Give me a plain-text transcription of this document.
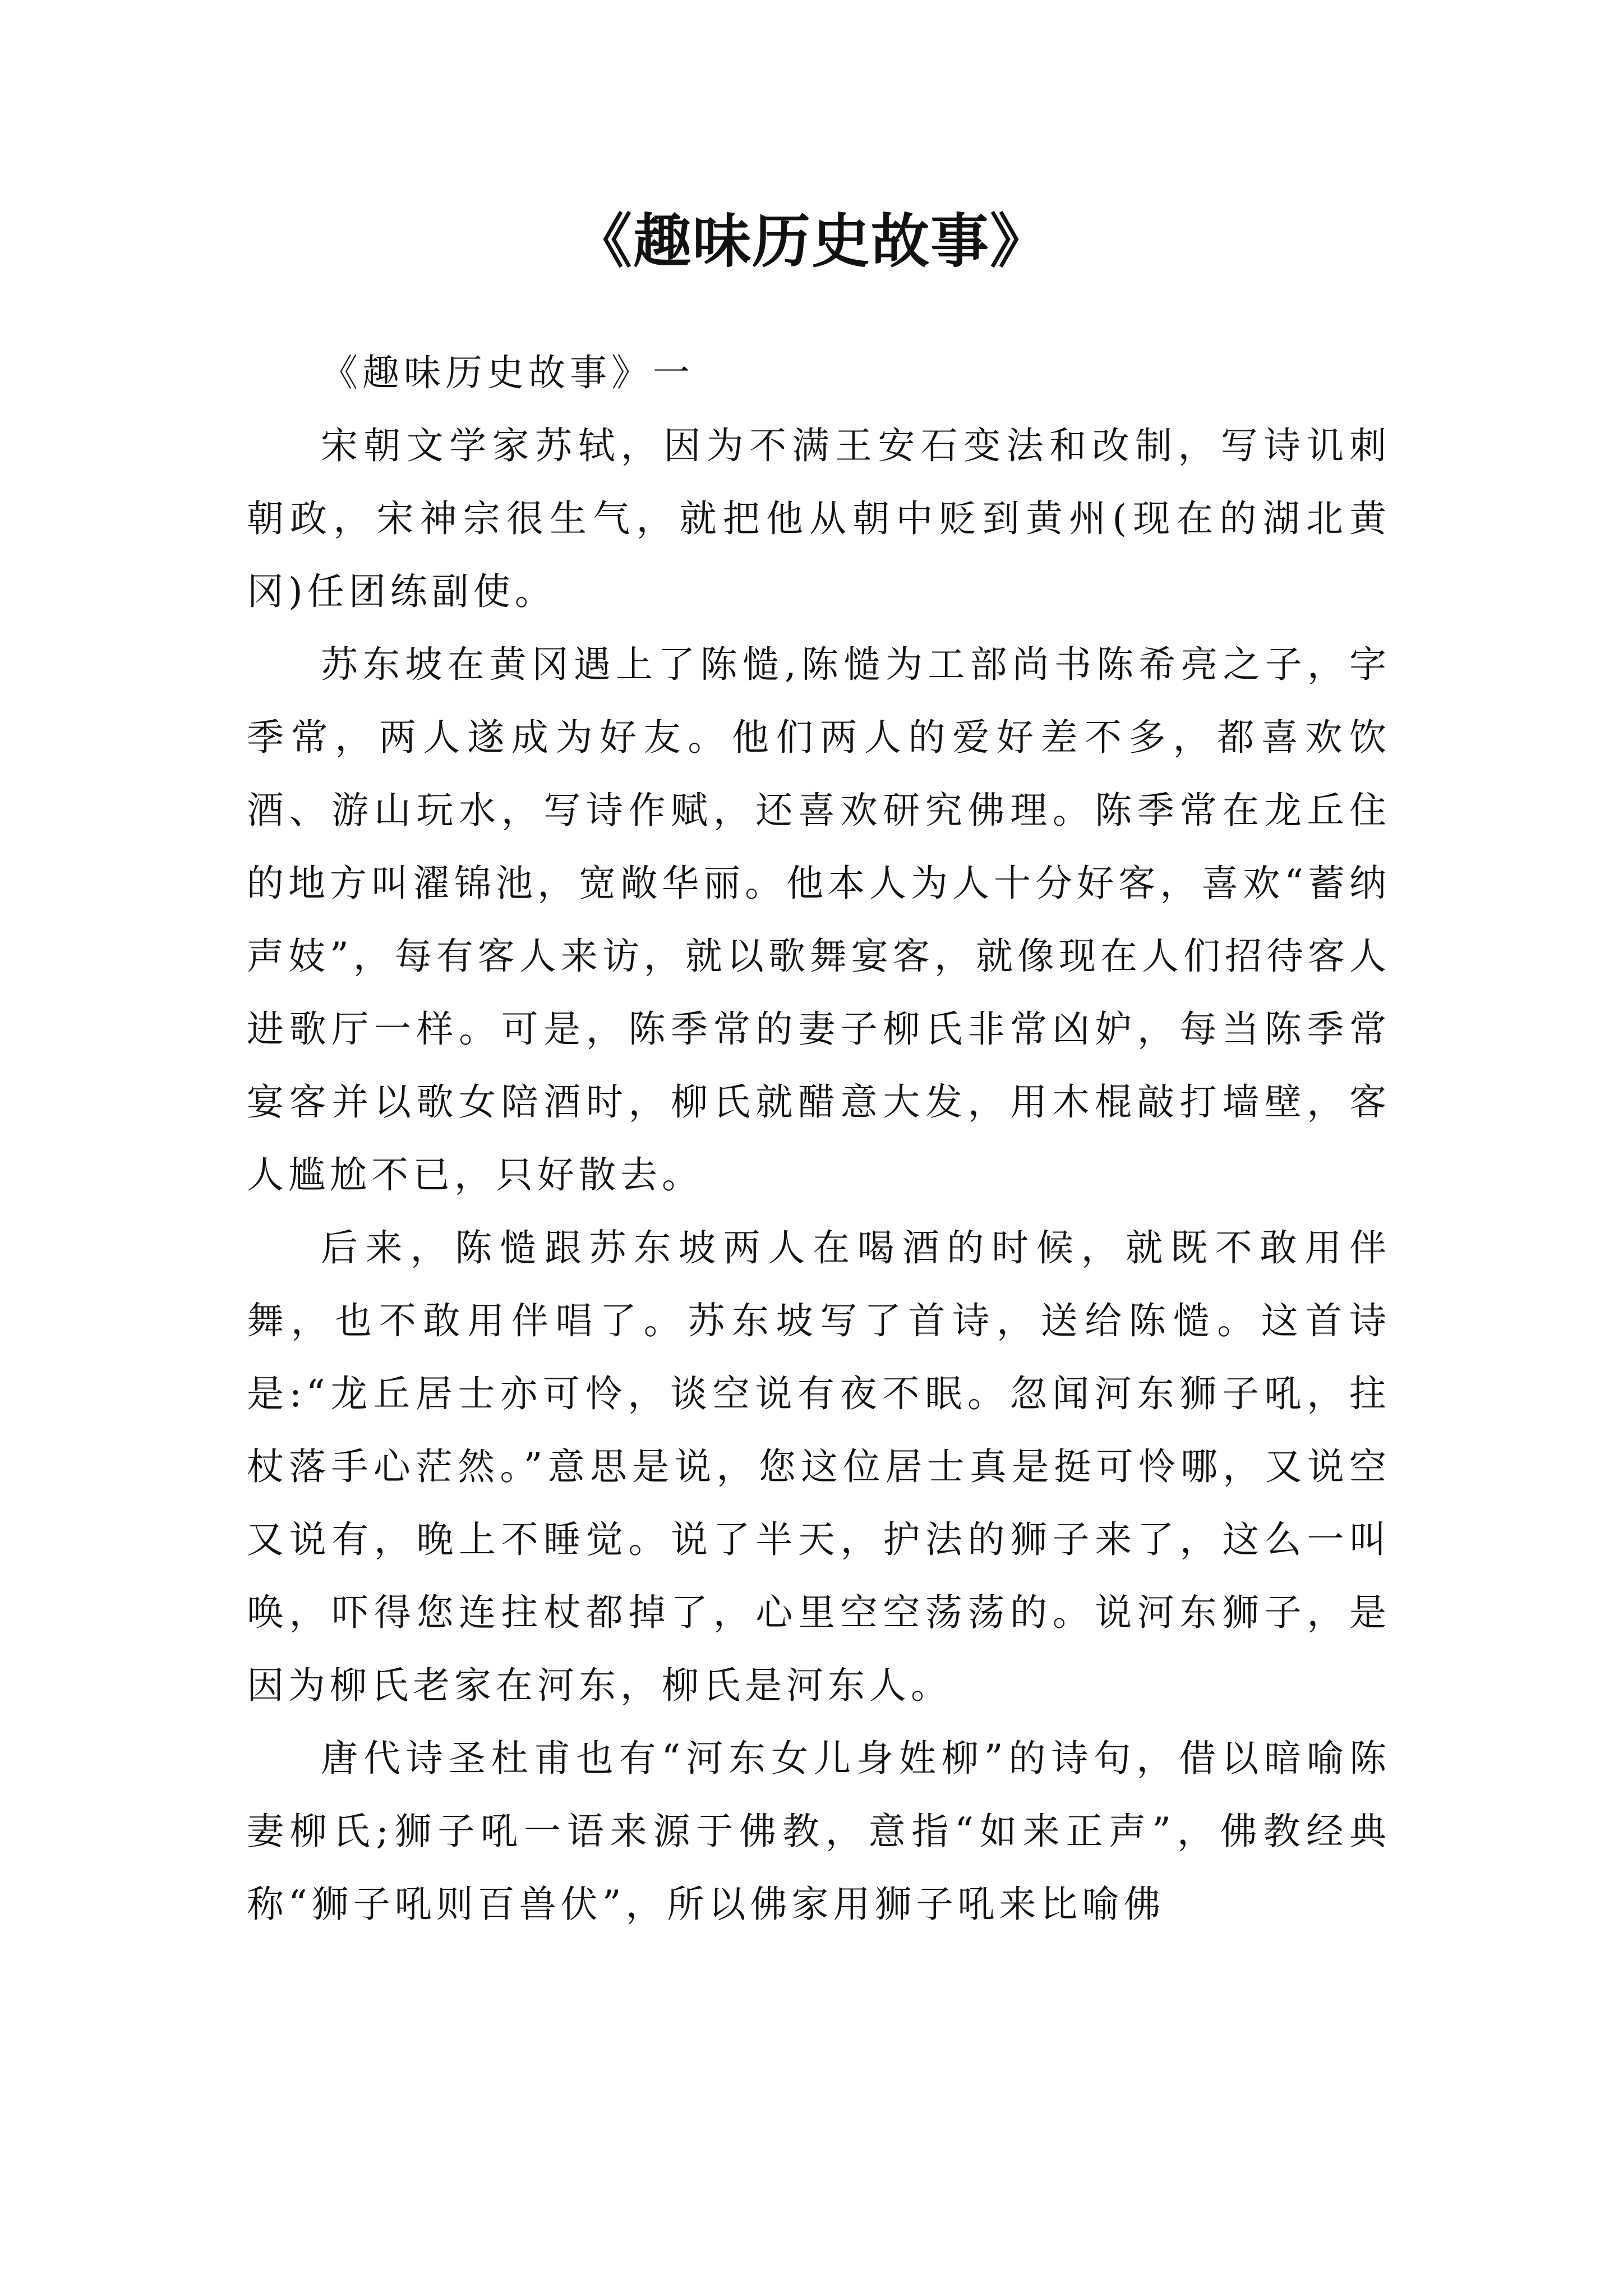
《趣味历史故事》

《趣味历史故事》一

宋朝文学家苏轼，因为不满王安石变法和改制，写诗讥刺朝政，宋神宗很生气，就把他从朝中贬到黄州(现在的湖北黄冈)任团练副使。

苏东坡在黄冈遇上了陈慥,陈慥为工部尚书陈希亮之子，字季常，两人遂成为好友。他们两人的爱好差不多，都喜欢饮酒、游山玩水，写诗作赋，还喜欢研究佛理。陈季常在龙丘住的地方叫濯锦池，宽敞华丽。他本人为人十分好客，喜欢“蓄纳声妓”，每有客人来访，就以歌舞宴客，就像现在人们招待客人进歌厅一样。可是，陈季常的妻子柳氏非常凶妒，每当陈季常宴客并以歌女陪酒时，柳氏就醋意大发，用木棍敲打墙壁，客人尴尬不已，只好散去。

后来，陈慥跟苏东坡两人在喝酒的时候，就既不敢用伴舞，也不敢用伴唱了。苏东坡写了首诗，送给陈慥。这首诗是:“龙丘居士亦可怜，谈空说有夜不眠。忽闻河东狮子吼，拄杖落手心茫然。”意思是说，您这位居士真是挺可怜哪，又说空又说有，晚上不睡觉。说了半天，护法的狮子来了，这么一叫唤，吓得您连拄杖都掉了，心里空空荡荡的。说河东狮子，是因为柳氏老家在河东，柳氏是河东人。

唐代诗圣杜甫也有“河东女儿身姓柳”的诗句，借以暗喻陈妻柳氏;狮子吼一语来源于佛教，意指“如来正声”，佛教经典称“狮子吼则百兽伏”，所以佛家用狮子吼来比喻佛
